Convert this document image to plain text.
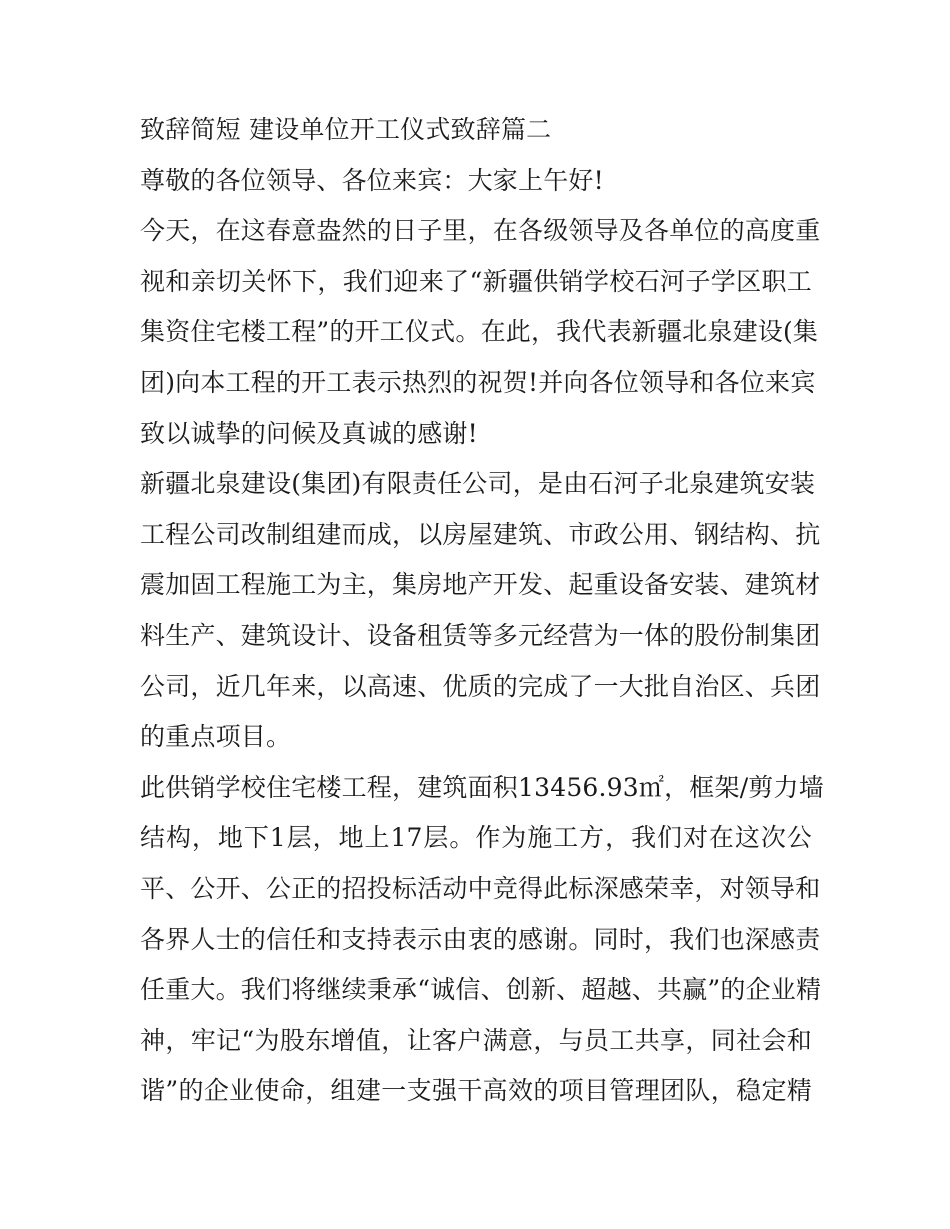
致辞简短 建设单位开工仪式致辞篇二
尊敬的各位领导、各位来宾：大家上午好!
今天，在这春意盎然的日子里，在各级领导及各单位的高度重
视和亲切关怀下，我们迎来了“新疆供销学校石河子学区职工
集资住宅楼工程”的开工仪式。在此，我代表新疆北泉建设(集
团)向本工程的开工表示热烈的祝贺!并向各位领导和各位来宾
致以诚挚的问候及真诚的感谢!
新疆北泉建设(集团)有限责任公司，是由石河子北泉建筑安装
工程公司改制组建而成，以房屋建筑、市政公用、钢结构、抗
震加固工程施工为主，集房地产开发、起重设备安装、建筑材
料生产、建筑设计、设备租赁等多元经营为一体的股份制集团
公司，近几年来，以高速、优质的完成了一大批自治区、兵团
的重点项目。
此供销学校住宅楼工程，建筑面积13456.93㎡，框架/剪力墙
结构，地下1层，地上17层。作为施工方，我们对在这次公
平、公开、公正的招投标活动中竞得此标深感荣幸，对领导和
各界人士的信任和支持表示由衷的感谢。同时，我们也深感责
任重大。我们将继续秉承“诚信、创新、超越、共赢”的企业精
神，牢记“为股东增值，让客户满意，与员工共享，同社会和
谐”的企业使命，组建一支强干高效的项目管理团队，稳定精
